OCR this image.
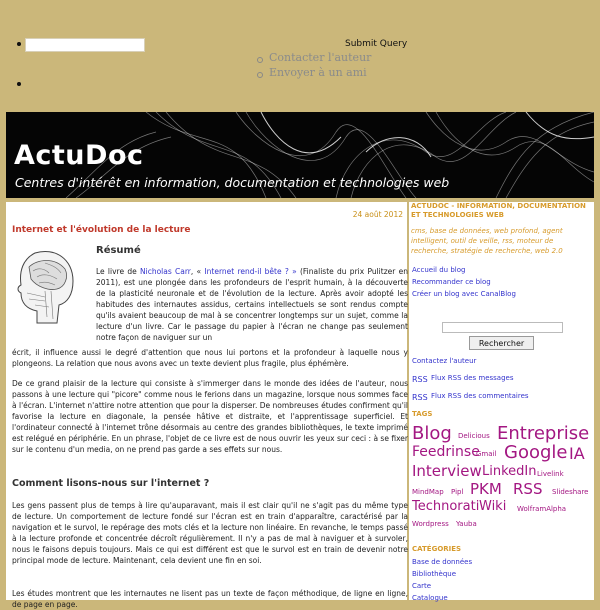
Submit Query
Contacter l'auteur
Envoyer à un ami
ActuDoc
Centres d'intérêt en information, documentation et technologies web
24 août 2012
Internet et l'évolution de la lecture
Résumé
Le livre de Nicholas Carr, « Internet rend-il bête ? » (Finaliste du prix Pulitzer en 2011), est une plongée dans les profondeurs de l'esprit humain, à la découverte de la plasticité neuronale et de l'évolution de la lecture. Après avoir adopté les habitudes des internautes assidus, certains intellectuels se sont rendus compte qu'ils avaient beaucoup de mal à se concentrer longtemps sur un sujet, comme la lecture d'un livre. Car le passage du papier à l'écran ne change pas seulement notre façon de naviguer sur un
écrit, il influence aussi le degré d'attention que nous lui portons et la profondeur à laquelle nous y plongeons. La relation que nous avons avec un texte devient plus fragile, plus éphémère.
De ce grand plaisir de la lecture qui consiste à s'immerger dans le monde des idées de l'auteur, nous passons à une lecture qui "picore" comme nous le ferions dans un magazine, lorsque nous sommes face à l'écran. L'internet n'attire notre attention que pour la disperser. De nombreuses études confirment qu'il favorise la lecture en diagonale, la pensée hâtive et distraite, et l'apprentissage superficiel. Et l'ordinateur connecté à l'internet trône désormais au centre des grandes bibliothèques, le texte imprimé est relégué en périphérie. En un phrase, l'objet de ce livre est de nous ouvrir les yeux sur ceci : à se fixer sur le contenu d'un media, on ne prend pas garde a ses effets sur nous.
Comment lisons-nous sur l'internet ?
Les gens passent plus de temps à lire qu'auparavant, mais il est clair qu'il ne s'agit pas du même type de lecture. Un comportement de lecture fondé sur l'écran est en train d'apparaître, caractérisé par la navigation et le survol, le repérage des mots clés et la lecture non linéaire. En revanche, le temps passé à la lecture profonde et concentrée décroît régulièrement. Il n'y a pas de mal à naviguer et à survoler, nous le faisons depuis toujours. Mais ce qui est différent est que le survol est en train de devenir notre principal mode de lecture. Maintenant, cela devient une fin en soi.
Les études montrent que les internautes ne lisent pas un texte de façon méthodique, de ligne en ligne, de page en page.
ACTUDOC - INFORMATION, DOCUMENTATION ET TECHNOLOGIES WEB
cms, base de données, web profond, agent intelligent, outil de veille, rss, moteur de recherche, stratégie de recherche, web 2.0
Accueil du blog
Recommander ce blog
Créer un blog avec CanalBlog
Rechercher
Contactez l'auteur
RSS Flux RSS des messages
RSS Flux RSS des commentaires
TAGS
Blog Delicious Entreprise
Feedrinse
Gmail Google IA
Interview LinkedIn Livelink
MindMap Pipl PKM RSS Slideshare
Technorati Wiki WolframAlpha
Wordpress Yauba
CATÉGORIES
Base de données
Bibliothèque
Carte
Catalogue
